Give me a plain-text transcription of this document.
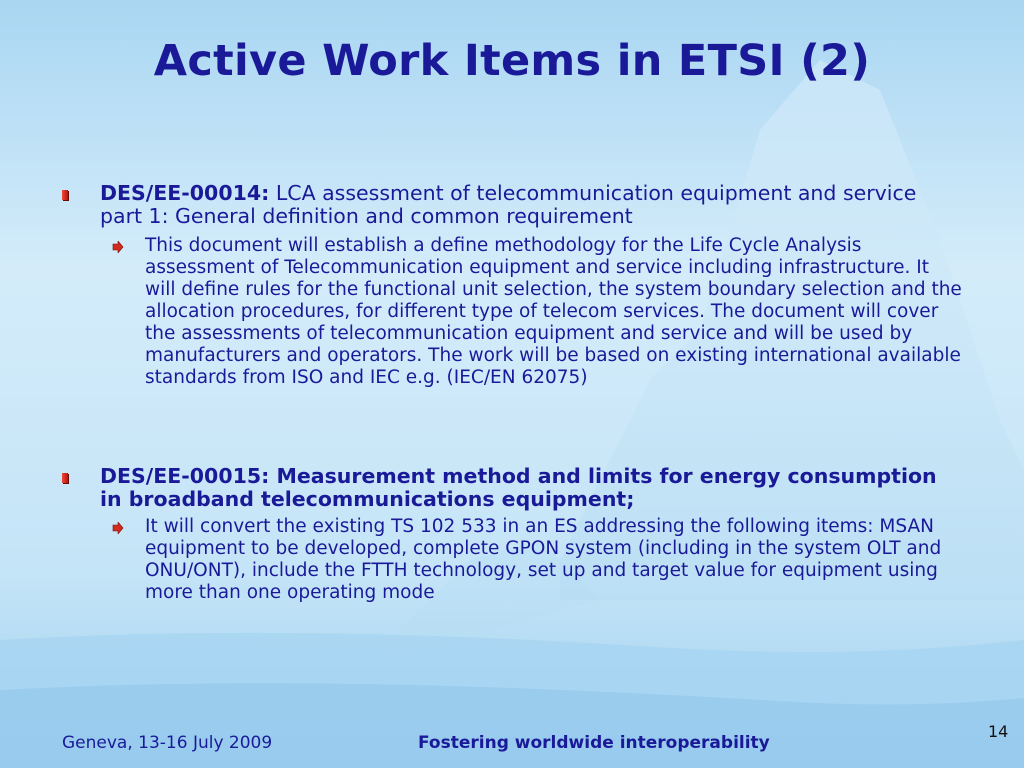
Active Work Items in ETSI (2)
DES/EE-00014: LCA assessment of telecommunication equipment and service part 1: General definition and common requirement
This document will establish a define methodology for the Life Cycle Analysis assessment of Telecommunication equipment and service including infrastructure. It will define rules for the functional unit selection, the system boundary selection and the allocation procedures, for different type of telecom services. The document will cover the assessments of telecommunication equipment and service and will be used by manufacturers and operators. The work will be based on existing international available standards from ISO and IEC e.g. (IEC/EN 62075)
DES/EE-00015: Measurement method and limits for energy consumption in broadband telecommunications equipment;
It will convert the existing TS 102 533 in an ES addressing the following items: MSAN equipment to be developed, complete GPON system (including in the system OLT and ONU/ONT), include the FTTH technology, set up and target value for equipment using more than one operating mode
Geneva, 13-16 July 2009	Fostering worldwide interoperability
14
